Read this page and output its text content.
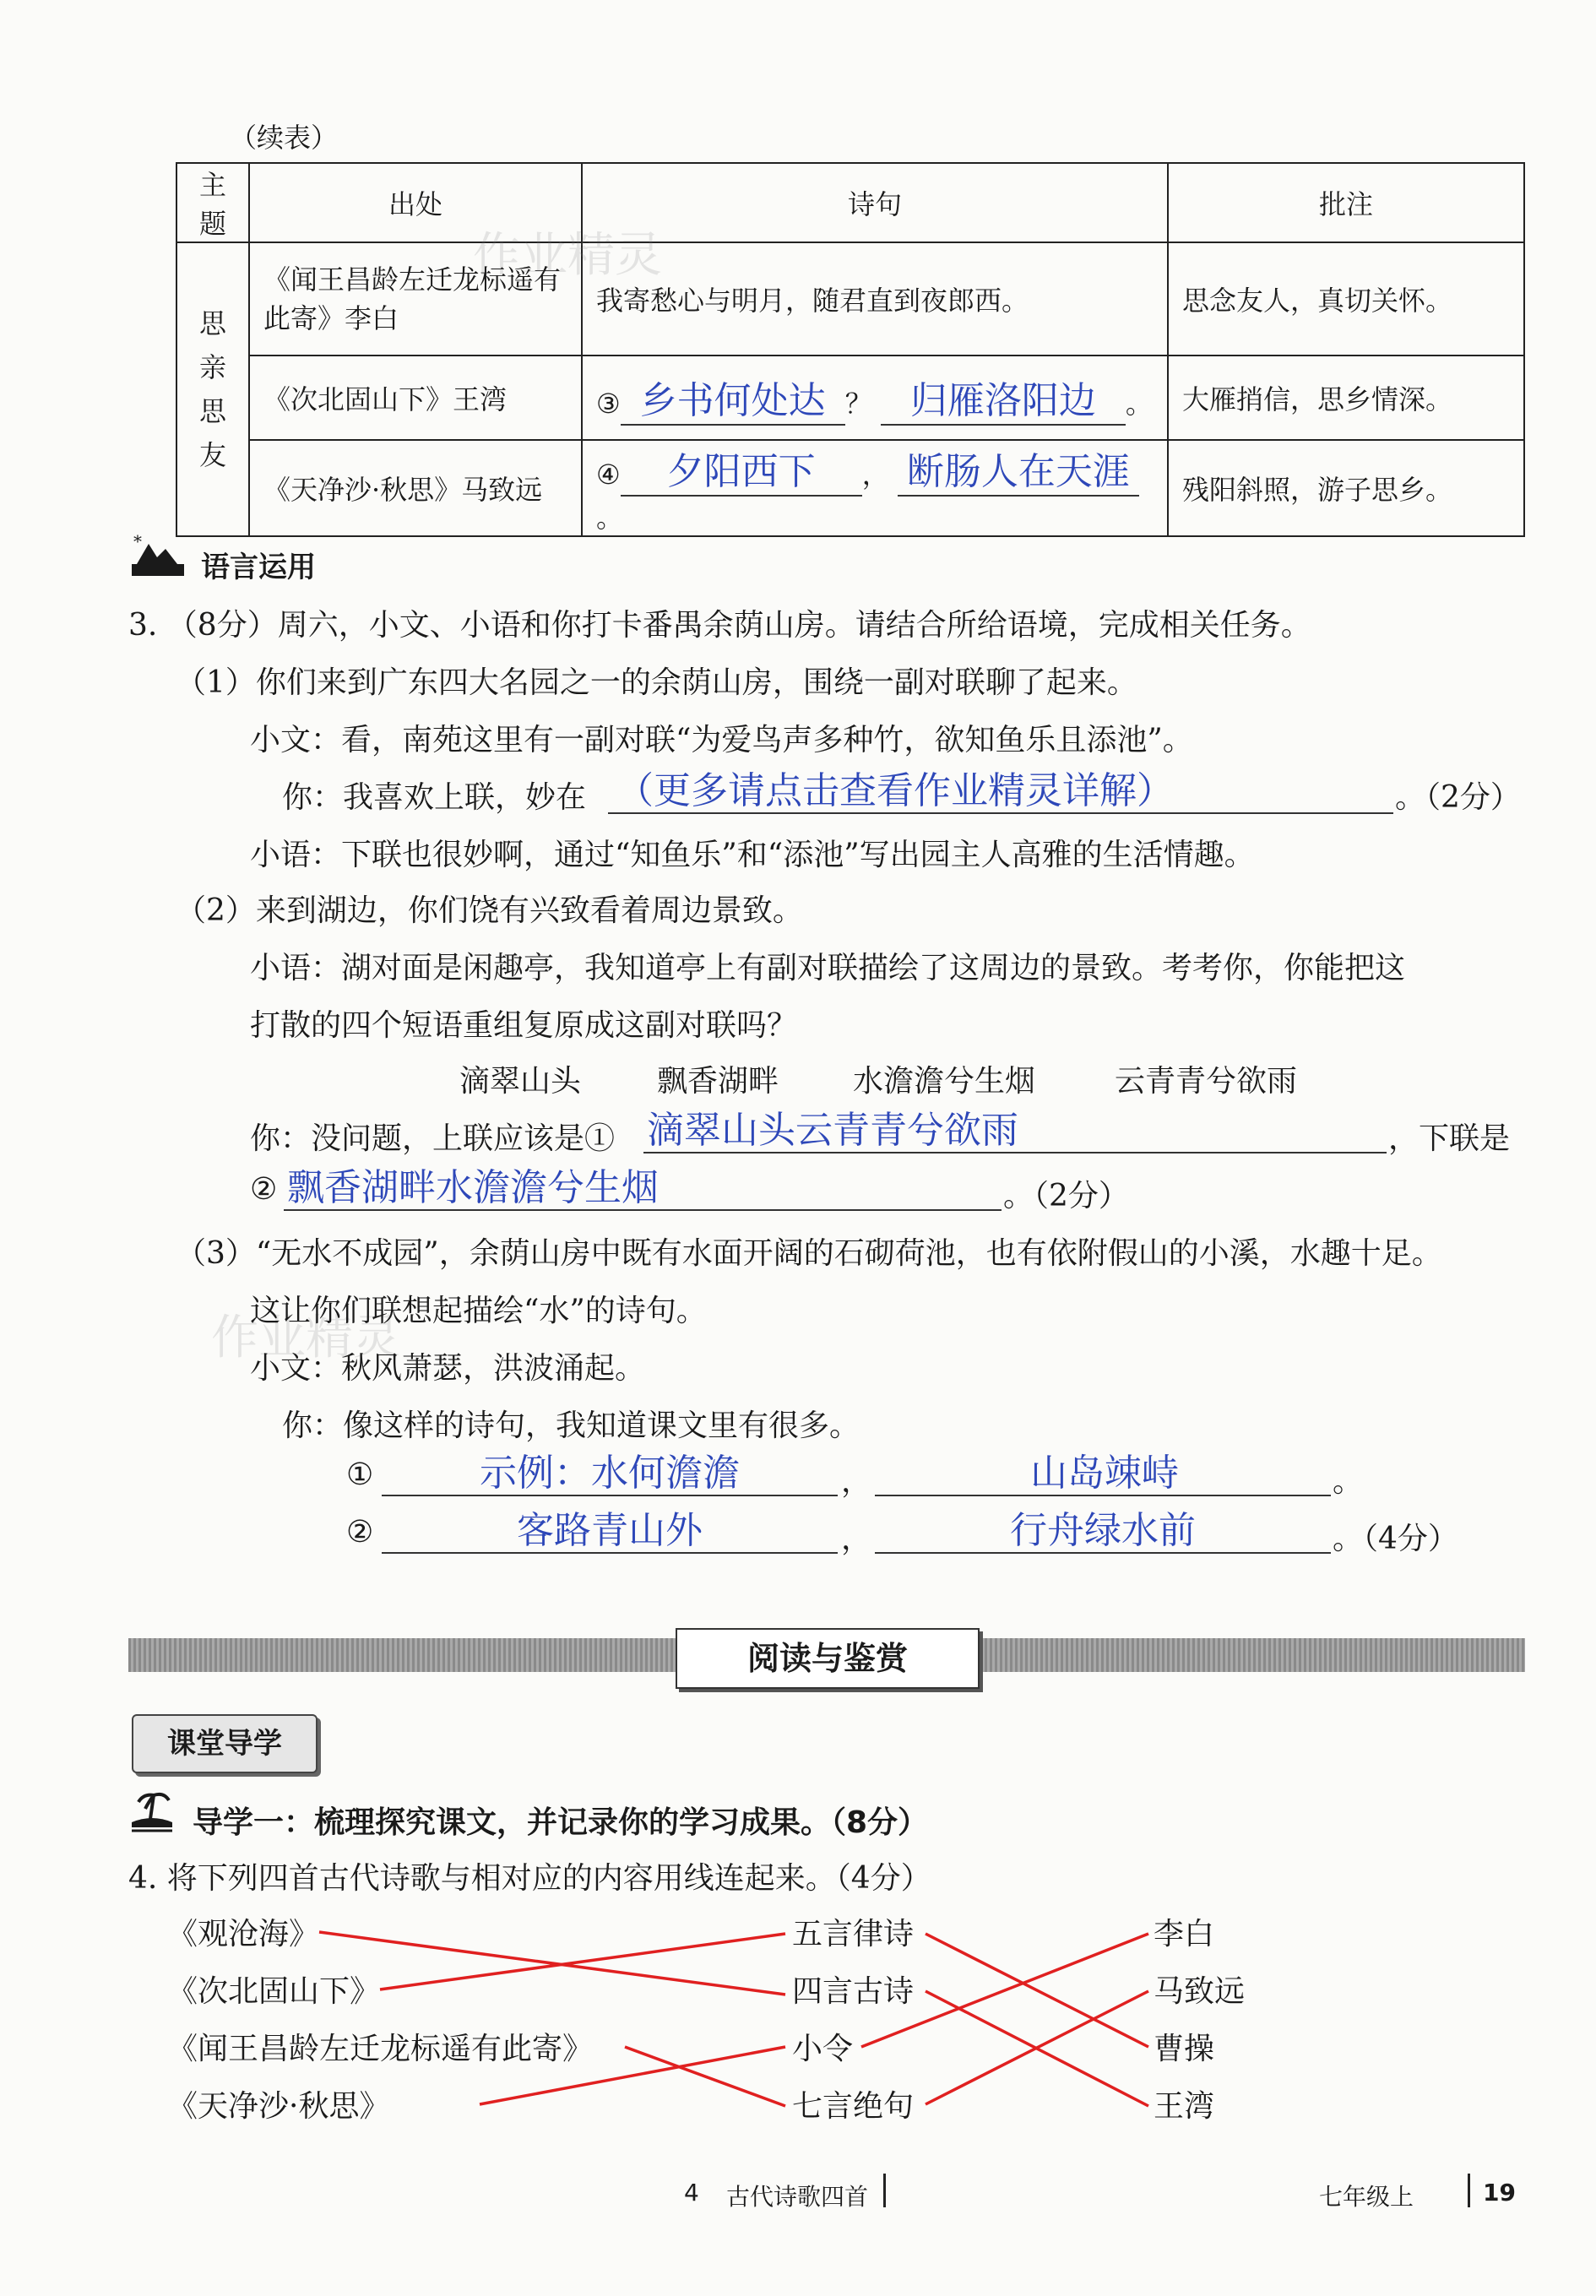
（续表）
主题	出处	诗句	批注

思亲思友	《闻王昌龄左迁龙标遥有此寄》李白	我寄愁心与明月，随君直到夜郎西。	思念友人，真切关怀。
	《次北固山下》王湾	③ 乡书何处达 ？ 归雁洛阳边 。	大雁捎信，思乡情深。
	《天净沙·秋思》马致远	④ 夕阳西下 ， 断肠人在天涯。	残阳斜照，游子思乡。
作业精灵
作业精灵
*
语言运用
3. （8分）周六，小文、小语和你打卡番禺余荫山房。请结合所给语境，完成相关任务。
（1）你们来到广东四大名园之一的余荫山房，围绕一副对联聊了起来。
小文：看，南苑这里有一副对联“为爱鸟声多种竹，欲知鱼乐且添池”。
你：我喜欢上联，妙在 （更多请点击查看作业精灵详解）	。（2分）
小语：下联也很妙啊，通过“知鱼乐”和“添池”写出园主人高雅的生活情趣。
（2）来到湖边，你们饶有兴致看着周边景致。
小语：湖对面是闲趣亭，我知道亭上有副对联描绘了这周边的景致。考考你，你能把这
打散的四个短语重组复原成这副对联吗？
滴翠山头 飘香湖畔 水澹澹兮生烟	云青青兮欲雨
你：没问题，上联应该是① 滴翠山头云青青兮欲雨	，下联是
② 飘香湖畔水澹澹兮生烟	。（2分）
（3）“无水不成园”，余荫山房中既有水面开阔的石砌荷池，也有依附假山的小溪，水趣十足。
这让你们联想起描绘“水”的诗句。
小文：秋风萧瑟，洪波涌起。
你：像这样的诗句，我知道课文里有很多。
①	示例：水何澹澹	，	山岛竦峙	。
②	客路青山外	，	行舟绿水前	。（4分）
阅读与鉴赏
课堂导学
导学一：梳理探究课文，并记录你的学习成果。（8分）
4. 将下列四首古代诗歌与相对应的内容用线连起来。（4分）
《观沧海》
《次北固山下》
《闻王昌龄左迁龙标遥有此寄》
《天净沙·秋思》
五言律诗
四言古诗
小令
七言绝句
李白
马致远
曹操
王湾
4 古代诗歌四首	七年级上	19
